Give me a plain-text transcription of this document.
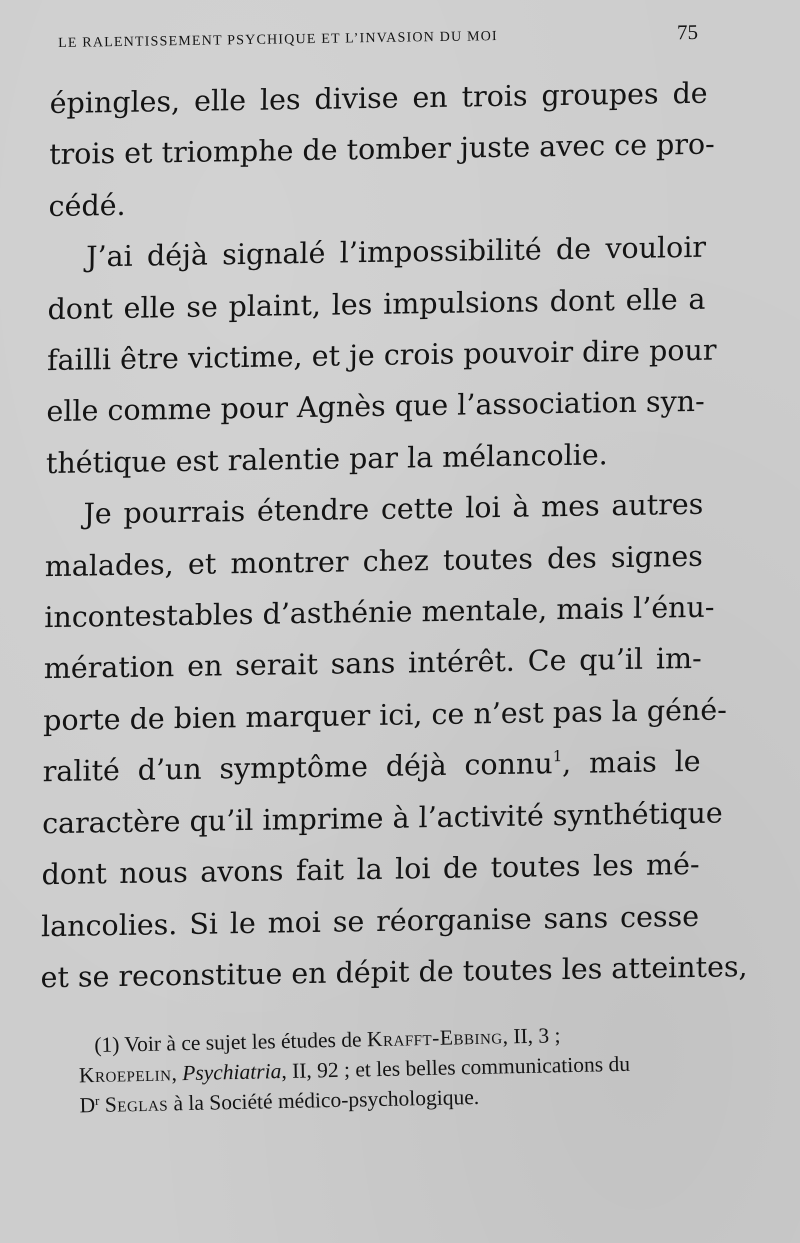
LE RALENTISSEMENT PSYCHIQUE ET L’INVASION DU MOI	75
épingles, elle les divise en trois groupes de
trois et triomphe de tomber juste avec ce pro-
cédé.
J’ai déjà signalé l’impossibilité de vouloir
dont elle se plaint, les impulsions dont elle a
failli être victime, et je crois pouvoir dire pour
elle comme pour Agnès que l’association syn-
thétique est ralentie par la mélancolie.
Je pourrais étendre cette loi à mes autres
malades, et montrer chez toutes des signes
incontestables d’asthénie mentale, mais l’énu-
mération en serait sans intérêt. Ce qu’il im-
porte de bien marquer ici, ce n’est pas la géné-
ralité d’un symptôme déjà connu$^1$, mais le
caractère qu’il imprime à l’activité synthétique
dont nous avons fait la loi de toutes les mé-
lancolies. Si le moi se réorganise sans cesse
et se reconstitue en dépit de toutes les atteintes,
(1) Voir à ce sujet les études de Krafft-Ebbing, II, 3 ;
Kroepelin, Psychiatria, II, 92 ; et les belles communications du
$D^r$ Seglas à la Société médico-psychologique.
